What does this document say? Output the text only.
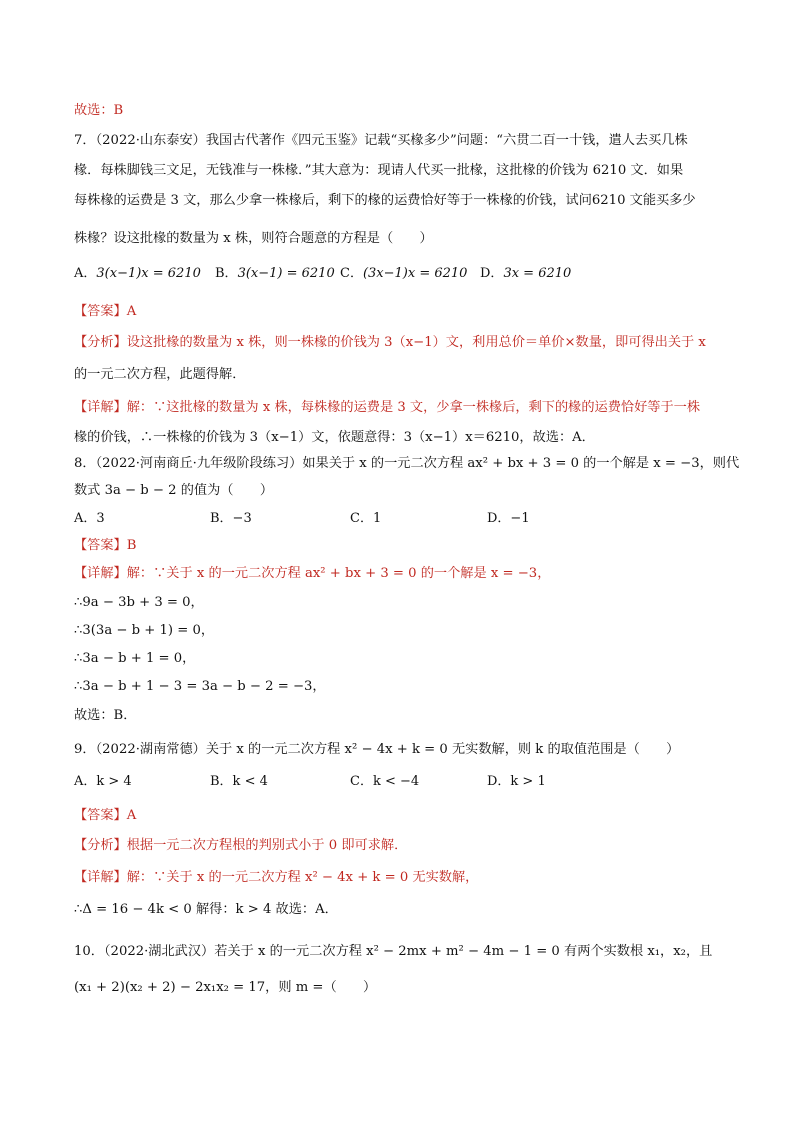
故选：B
7．（2022·山东泰安）我国古代著作《四元玉鉴》记载“买椽多少”问题：“六贯二百一十钱，遣人去买几株
椽．每株脚钱三文足，无钱准与一株椽．”其大意为：现请人代买一批椽，这批椽的价钱为 6210 文．如果
每株椽的运费是 3 文，那么少拿一株椽后，剩下的椽的运费恰好等于一株椽的价钱，试问6210 文能买多少
株椽？设这批椽的数量为 x 株，则符合题意的方程是（　　）
A．3(x−1)x = 6210 B．3(x−1) = 6210 C．(3x−1)x = 6210 D．3x = 6210
【答案】A
【分析】设这批椽的数量为 x 株，则一株椽的价钱为 3（x−1）文，利用总价＝单价×数量，即可得出关于 x
的一元二次方程，此题得解．
【详解】解：∵这批椽的数量为 x 株，每株椽的运费是 3 文，少拿一株椽后，剩下的椽的运费恰好等于一株
椽的价钱，∴一株椽的价钱为 3（x−1）文，依题意得：3（x−1）x＝6210，故选：A．
8．（2022·河南商丘·九年级阶段练习）如果关于 x 的一元二次方程 ax² + bx + 3 = 0 的一个解是 x = −3，则代
数式 3a − b − 2 的值为（　　）
A．3	B．−3	C．1	D．−1
【答案】B
【详解】解：∵关于 x 的一元二次方程 ax² + bx + 3 = 0 的一个解是 x = −3，
∴9a − 3b + 3 = 0，
∴3(3a − b + 1) = 0，
∴3a − b + 1 = 0，
∴3a − b + 1 − 3 = 3a − b − 2 = −3，
故选：B．
9．（2022·湖南常德）关于 x 的一元二次方程 x² − 4x + k = 0 无实数解，则 k 的取值范围是（　　）
A．k > 4	B．k < 4	C．k < −4	D．k > 1
【答案】A
【分析】根据一元二次方程根的判别式小于 0 即可求解．
【详解】解：∵关于 x 的一元二次方程 x² − 4x + k = 0 无实数解，
∴Δ = 16 − 4k < 0 解得：k > 4 故选：A．
10．（2022·湖北武汉）若关于 x 的一元二次方程 x² − 2mx + m² − 4m − 1 = 0 有两个实数根 x₁，x₂，且
(x₁ + 2)(x₂ + 2) − 2x₁x₂ = 17，则 m =（　　）
